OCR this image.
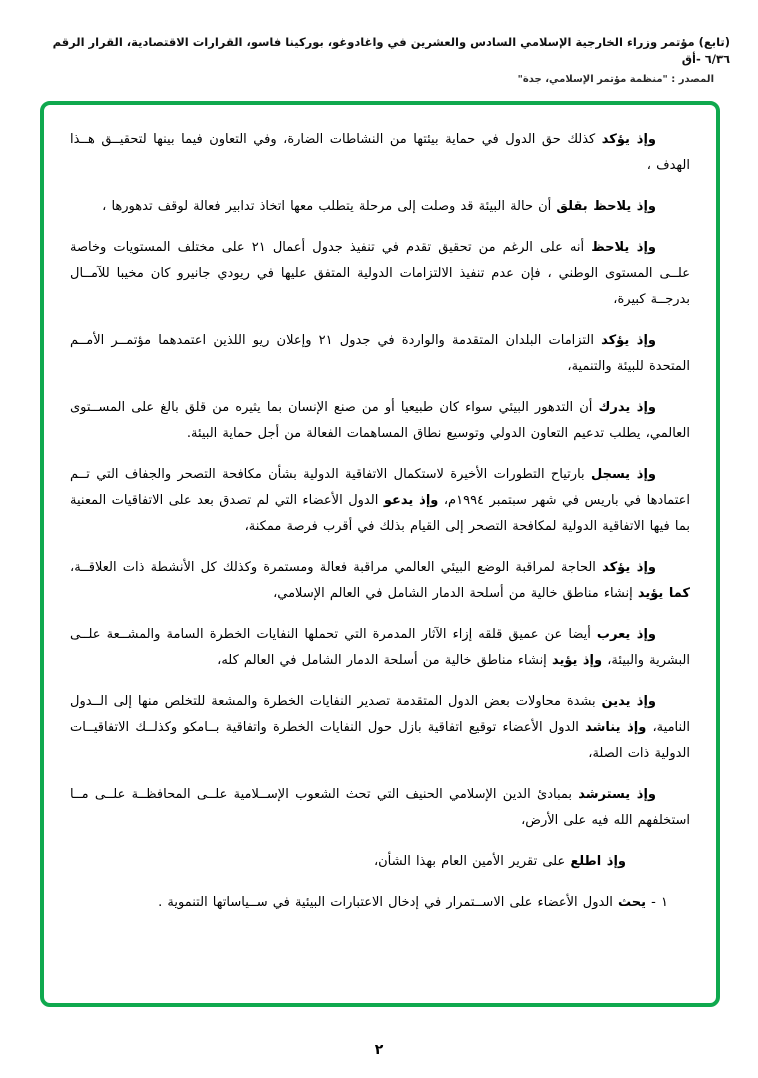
(تابع) مؤتمر وزراء الخارجية الإسلامي السادس والعشرين في واغادوغو، بوركينا فاسو، القرارات الاقتصادية، القرار الرقم ٦/٣٦ -أق
المصدر : "منظمة مؤتمر الإسلامي، جدة"

وإذ يؤكد كذلك حق الدول في حماية بيئتها من النشاطات الضارة، وفي التعاون فيما بينها لتحقيــق هــذا الهدف ،

وإذ يلاحظ بقلق أن حالة البيئة قد وصلت إلى مرحلة يتطلب معها اتخاذ تدابير فعالة لوقف تدهورها ،

وإذ يلاحظ أنه على الرغم من تحقيق تقدم في تنفيذ جدول أعمال ٢١ على مختلف المستويات وخاصة علــى المستوى الوطني ، فإن عدم تنفيذ الالتزامات الدولية المتفق عليها في ريودي جانيرو كان مخيبا للآمــال بدرجــة كبيرة،

وإذ يؤكد التزامات البلدان المتقدمة والواردة في جدول ٢١ وإعلان ريو اللذين اعتمدهما مؤتمــر الأمــم المتحدة للبيئة والتنمية،

وإذ يدرك أن التدهور البيئي سواء كان طبيعيا أو من صنع الإنسان بما يثيره من قلق بالغ على المســتوى العالمي، يطلب تدعيم التعاون الدولي وتوسيع نطاق المساهمات الفعالة من أجل حماية البيئة.

وإذ يسجل بارتياح التطورات الأخيرة لاستكمال الاتفاقية الدولية بشأن مكافحة التصحر والجفاف التي تــم اعتمادها في باريس في شهر سبتمبر ١٩٩٤م، وإذ يدعو الدول الأعضاء التي لم تصدق بعد على الاتفاقيات المعنية بما فيها الاتفاقية الدولية لمكافحة التصحر إلى القيام بذلك في أقرب فرصة ممكنة،

وإذ يؤكد الحاجة لمراقبة الوضع البيئي العالمي مراقبة فعالة ومستمرة وكذلك كل الأنشطة ذات العلاقــة، كما يؤيد إنشاء مناطق خالية من أسلحة الدمار الشامل في العالم الإسلامي،

وإذ يعرب أيضا عن عميق قلقه إزاء الآثار المدمرة التي تحملها النفايات الخطرة السامة والمشــعة علــى البشرية والبيئة، وإذ يؤيد إنشاء مناطق خالية من أسلحة الدمار الشامل في العالم كله،

وإذ يدين بشدة محاولات بعض الدول المتقدمة تصدير النفايات الخطرة والمشعة للتخلص منها إلى الــدول النامية، وإذ يناشد الدول الأعضاء توقيع اتفاقية بازل حول النفايات الخطرة واتفاقية بــامكو وكذلــك الاتفاقيــات الدولية ذات الصلة،

وإذ يسترشد بمبادئ الدين الإسلامي الحنيف التي تحث الشعوب الإســلامية علــى المحافظــة علــى مــا استخلفهم الله فيه على الأرض،

وإذ اطلع على تقرير الأمين العام بهذا الشأن،

١ - يحث الدول الأعضاء على الاســتمرار في إدخال الاعتبارات البيئية في ســياساتها التنموية .

٢
